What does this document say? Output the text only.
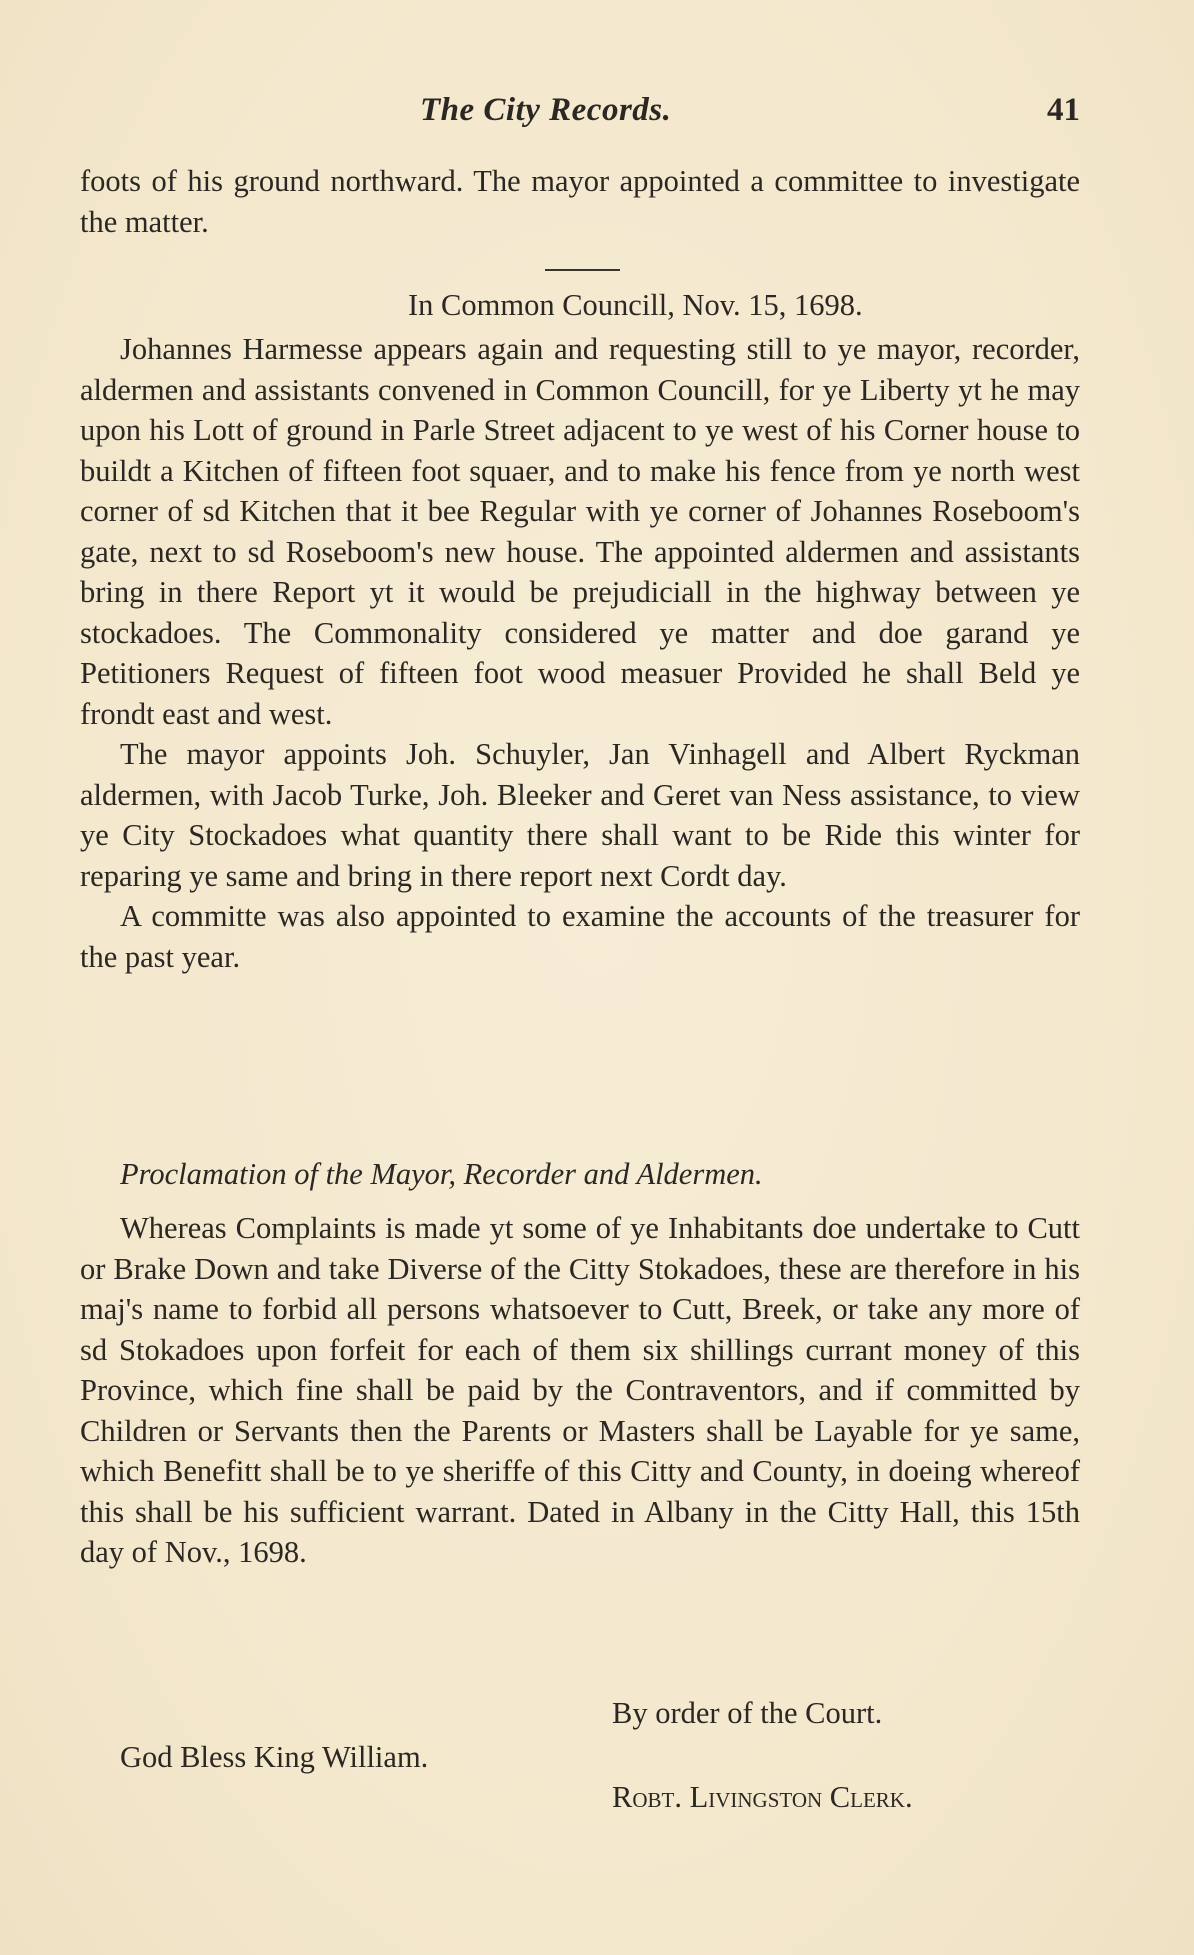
The City Records.	41

foots of his ground northward. The mayor appointed a committee to investigate the matter.

In Common Councill, Nov. 15, 1698.

Johannes Harmesse appears again and requesting still to ye mayor, recorder, aldermen and assistants convened in Common Councill, for ye Liberty yt he may upon his Lott of ground in Parle Street adjacent to ye west of his Corner house to buildt a Kitchen of fifteen foot squaer, and to make his fence from ye north west corner of sd Kitchen that it bee Regular with ye corner of Johannes Roseboom's gate, next to sd Roseboom's new house. The appointed aldermen and assistants bring in there Report yt it would be prejudiciall in the highway between ye stockadoes. The Commonality considered ye matter and doe garand ye Petitioners Request of fifteen foot wood measuer Provided he shall Beld ye frondt east and west.

The mayor appoints Joh. Schuyler, Jan Vinhagell and Albert Ryckman aldermen, with Jacob Turke, Joh. Bleeker and Geret van Ness assistance, to view ye City Stockadoes what quantity there shall want to be Ride this winter for reparing ye same and bring in there report next Cordt day.

A committe was also appointed to examine the accounts of the treasurer for the past year.

Proclamation of the Mayor, Recorder and Aldermen.

Whereas Complaints is made yt some of ye Inhabitants doe undertake to Cutt or Brake Down and take Diverse of the Citty Stokadoes, these are therefore in his maj's name to forbid all persons whatsoever to Cutt, Breek, or take any more of sd Stokadoes upon forfeit for each of them six shillings currant money of this Province, which fine shall be paid by the Contraventors, and if committed by Children or Servants then the Parents or Masters shall be Layable for ye same, which Benefitt shall be to ye sheriffe of this Citty and County, in doeing whereof this shall be his sufficient warrant. Dated in Albany in the Citty Hall, this 15th day of Nov., 1698.

By order of the Court.
God Bless King William.
Robt. Livingston Clerk.
